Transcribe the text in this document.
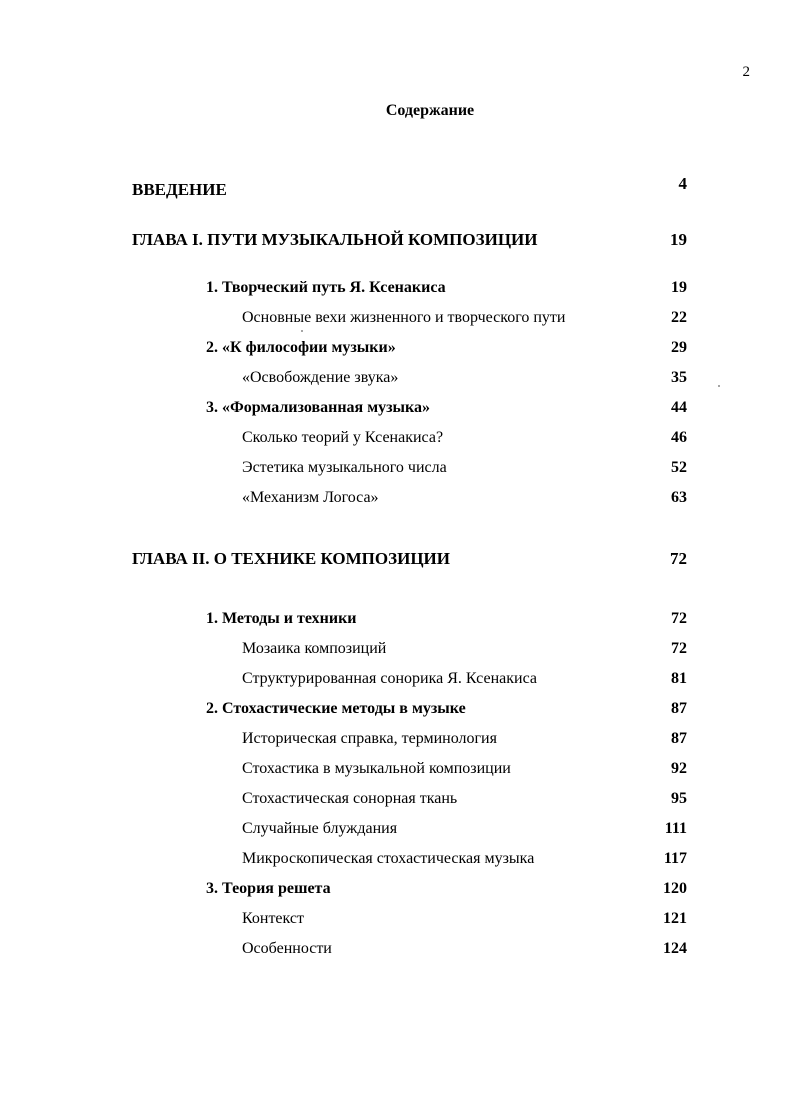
2
Содержание
ВВЕДЕНИЕ	4
ГЛАВА I. ПУТИ МУЗЫКАЛЬНОЙ КОМПОЗИЦИИ	19
1. Творческий путь Я. Ксенакиса	19
Основные вехи жизненного и творческого пути	22
2. «К философии музыки»	29
«Освобождение звука»	35
3. «Формализованная музыка»	44
Сколько теорий у Ксенакиса?	46
Эстетика музыкального числа	52
«Механизм Логоса»	63
ГЛАВА II. О ТЕХНИКЕ КОМПОЗИЦИИ	72
1. Методы и техники	72
Мозаика композиций	72
Структурированная сонорика Я. Ксенакиса	81
2. Стохастические методы в музыке	87
Историческая справка, терминология	87
Стохастика в музыкальной композиции	92
Стохастическая сонорная ткань	95
Случайные блуждания	111
Микроскопическая стохастическая музыка	117
3. Теория решета	120
Контекст	121
Особенности	124
